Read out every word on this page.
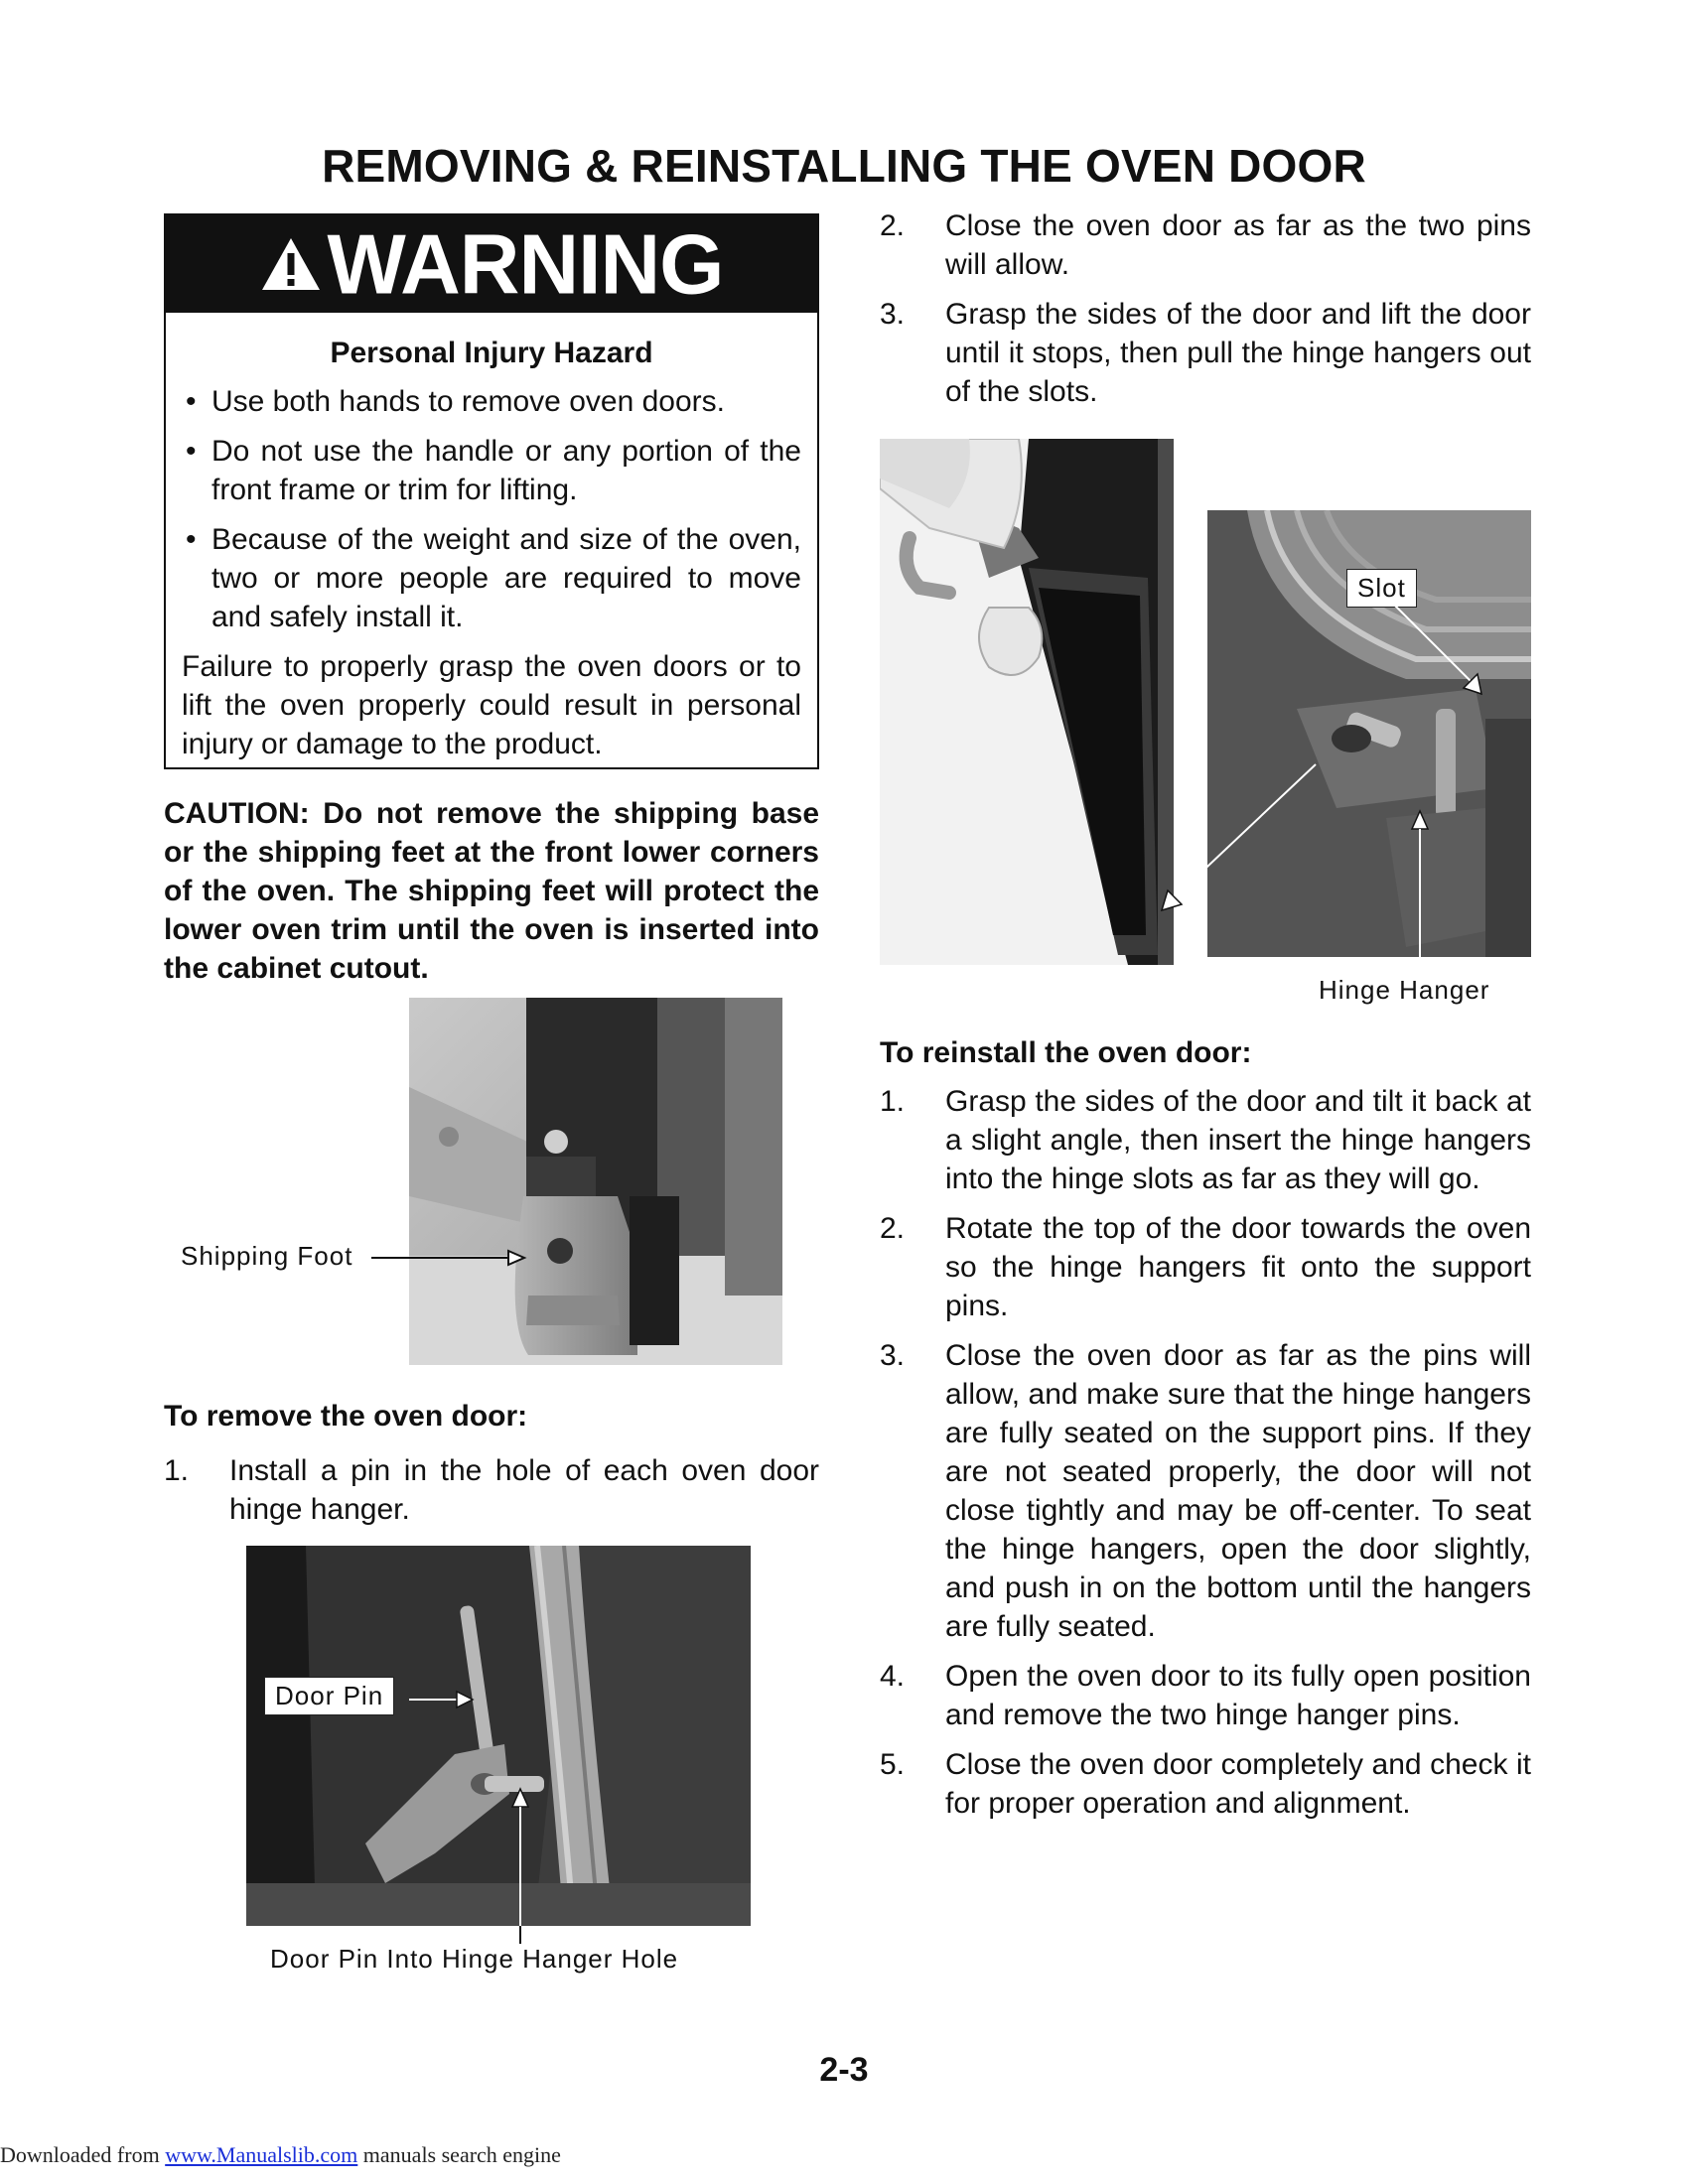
REMOVING & REINSTALLING THE OVEN DOOR
WARNING
Personal Injury Hazard
• Use both hands to remove oven doors.
• Do not use the handle or any portion of the front frame or trim for lifting.
• Because of the weight and size of the oven, two or more people are required to move and safely install it.

Failure to properly grasp the oven doors or to lift the oven properly could result in personal injury or damage to the product.

CAUTION: Do not remove the shipping base or the shipping feet at the front lower corners of the oven. The shipping feet will protect the lower oven trim until the oven is inserted into the cabinet cutout.

Shipping Foot
To remove the oven door:
1. Install a pin in the hole of each oven door hinge hanger.
Door Pin
Door Pin Into Hinge Hanger Hole
2. Close the oven door as far as the two pins will allow.
3. Grasp the sides of the door and lift the door until it stops, then pull the hinge hangers out of the slots.
Slot
Hinge Hanger
To reinstall the oven door:
1. Grasp the sides of the door and tilt it back at a slight angle, then insert the hinge hangers into the hinge slots as far as they will go.
2. Rotate the top of the door towards the oven so the hinge hangers fit onto the support pins.
3. Close the oven door as far as the pins will allow, and make sure that the hinge hangers are fully seated on the support pins. If they are not seated properly, the door will not close tightly and may be off-center. To seat the hinge hangers, open the door slightly, and push in on the bottom until the hangers are fully seated.
4. Open the oven door to its fully open position and remove the two hinge hanger pins.
5. Close the oven door completely and check it for proper operation and alignment.
2-3
Downloaded from www.Manualslib.com manuals search engine
